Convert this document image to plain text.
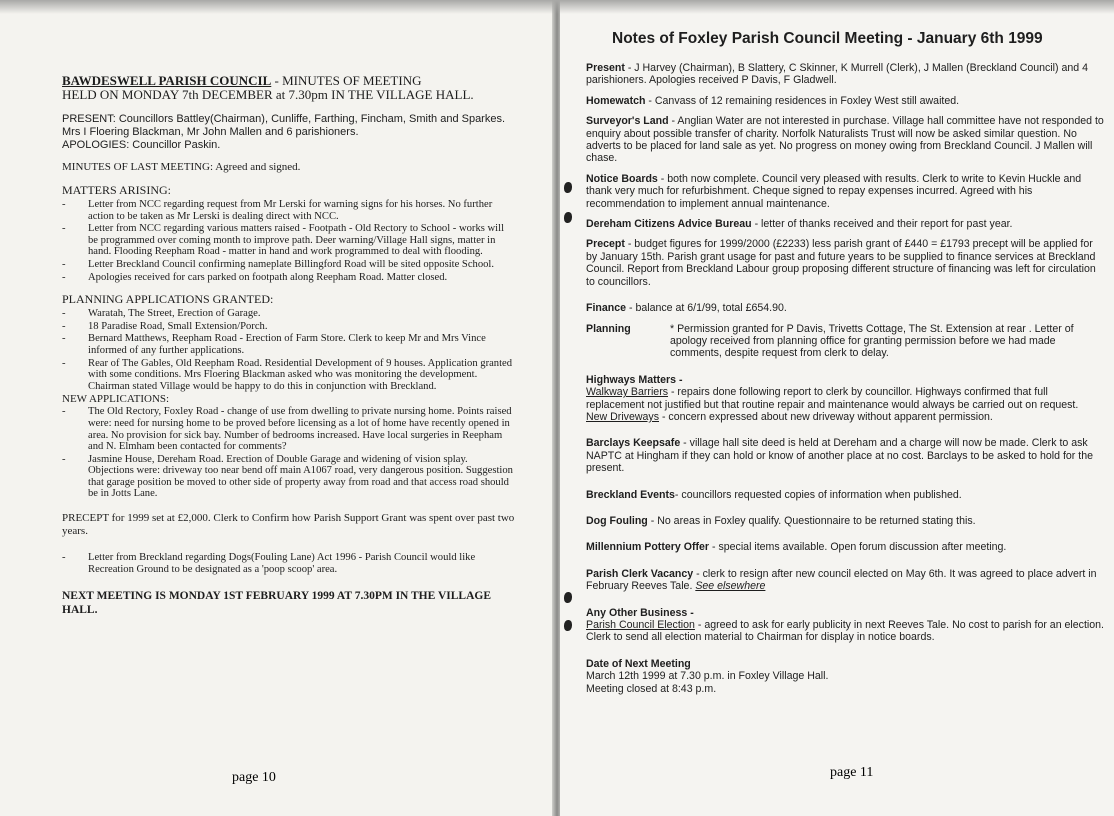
BAWDESWELL PARISH COUNCIL - MINUTES OF MEETING
HELD ON MONDAY 7th DECEMBER at 7.30pm IN THE VILLAGE HALL.

PRESENT: Councillors Battley(Chairman), Cunliffe, Farthing, Fincham, Smith and Sparkes. Mrs I Floering Blackman, Mr John Mallen and 6 parishioners.
APOLOGIES: Councillor Paskin.

MINUTES OF LAST MEETING: Agreed and signed.

MATTERS ARISING:
- Letter from NCC regarding request from Mr Lerski for warning signs for his horses. No further action to be taken as Mr Lerski is dealing direct with NCC.
- Letter from NCC regarding various matters raised - Footpath - Old Rectory to School - works will be programmed over coming month to improve path. Deer warning/Village Hall signs, matter in hand. Flooding Reepham Road - matter in hand and work programmed to deal with flooding.
- Letter Breckland Council confirming nameplate Billingford Road will be sited opposite School.
- Apologies received for cars parked on footpath along Reepham Road. Matter closed.
PLANNING APPLICATIONS GRANTED:
- Waratah, The Street, Erection of Garage.
- 18 Paradise Road, Small Extension/Porch.
- Bernard Matthews, Reepham Road - Erection of Farm Store. Clerk to keep Mr and Mrs Vince informed of any further applications.
- Rear of The Gables, Old Reepham Road. Residential Development of 9 houses. Application granted with some conditions. Mrs Floering Blackman asked who was monitoring the development. Chairman stated Village would be happy to do this in conjunction with Breckland.
NEW APPLICATIONS:
- The Old Rectory, Foxley Road - change of use from dwelling to private nursing home. Points raised were: need for nursing home to be proved before licensing as a lot of home have recently opened in area. No provision for sick bay. Number of bedrooms increased. Have local surgeries in Reepham and N. Elmham been contacted for comments?
- Jasmine House, Dereham Road. Erection of Double Garage and widening of vision splay. Objections were: driveway too near bend off main A1067 road, very dangerous position. Suggestion that garage position be moved to other side of property away from road and that access road should be in Jotts Lane.

PRECEPT for 1999 set at £2,000. Clerk to Confirm how Parish Support Grant was spent over past two years.

- Letter from Breckland regarding Dogs(Fouling Lane) Act 1996 - Parish Council would like Recreation Ground to be designated as a 'poop scoop' area.
NEXT MEETING IS MONDAY 1ST FEBRUARY 1999 AT 7.30PM IN THE VILLAGE HALL.
page 10
Notes of Foxley Parish Council Meeting - January 6th 1999

Present - J Harvey (Chairman), B Slattery, C Skinner, K Murrell (Clerk), J Mallen (Breckland Council) and 4 parishioners. Apologies received P Davis, F Gladwell.

Homewatch - Canvass of 12 remaining residences in Foxley West still awaited.

Surveyor's Land - Anglian Water are not interested in purchase. Village hall committee have not responded to enquiry about possible transfer of charity. Norfolk Naturalists Trust will now be asked similar question. No adverts to be placed for land sale as yet. No progress on money owing from Breckland Council. J Mallen will chase.

Notice Boards - both now complete. Council very pleased with results. Clerk to write to Kevin Huckle and thank very much for refurbishment. Cheque signed to repay expenses incurred. Agreed with his recommendation to implement annual maintenance.

Dereham Citizens Advice Bureau - letter of thanks received and their report for past year.

Precept - budget figures for 1999/2000 (£2233) less parish grant of £440 = £1793 precept will be applied for by January 15th. Parish grant usage for past and future years to be supplied to finance services at Breckland Council. Report from Breckland Labour group proposing different structure of financing was left for circulation to councillors.

Finance - balance at 6/1/99, total £654.90.

Planning	* Permission granted for P Davis, Trivetts Cottage, The St. Extension at rear . Letter of apology received from planning office for granting permission before we had made comments, despite request from clerk to delay.

Highways Matters -

Walkway Barriers - repairs done following report to clerk by councillor. Highways confirmed that full replacement not justified but that routine repair and maintenance would always be carried out on request.

New Driveways - concern expressed about new driveway without apparent permission.

Barclays Keepsafe - village hall site deed is held at Dereham and a charge will now be made. Clerk to ask NAPTC at Hingham if they can hold or know of another place at no cost. Barclays to be asked to hold for the present.

Breckland Events- councillors requested copies of information when published.

Dog Fouling - No areas in Foxley qualify. Questionnaire to be returned stating this.

Millennium Pottery Offer - special items available. Open forum discussion after meeting.

Parish Clerk Vacancy - clerk to resign after new council elected on May 6th. It was agreed to place advert in February Reeves Tale. See elsewhere

Any Other Business -

Parish Council Election - agreed to ask for early publicity in next Reeves Tale. No cost to parish for an election. Clerk to send all election material to Chairman for display in notice boards.

Date of Next Meeting
March 12th 1999 at 7.30 p.m. in Foxley Village Hall.
Meeting closed at 8:43 p.m.

page 11
